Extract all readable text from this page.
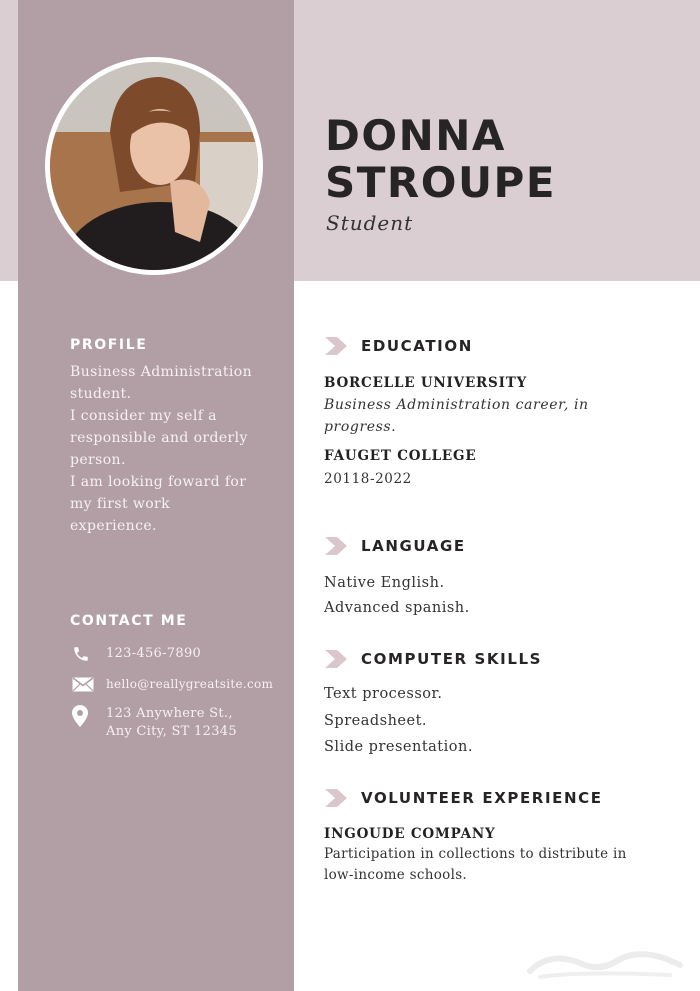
DONNA
STROUPE
Student
PROFILE
Business Administration
student.
I consider my self a
responsible and orderly
person.
I am looking foward for
my first work
experience.
CONTACT ME
123-456-7890
hello@reallygreatsite.com
123 Anywhere St.,
Any City, ST 12345
EDUCATION
BORCELLE UNIVERSITY
Business Administration career, in
progress.
FAUGET COLLEGE
20118-2022
LANGUAGE
Native English.
Advanced spanish.
COMPUTER SKILLS
Text processor.
Spreadsheet.
Slide presentation.
VOLUNTEER EXPERIENCE
INGOUDE COMPANY
Participation in collections to distribute in
low-income schools.
